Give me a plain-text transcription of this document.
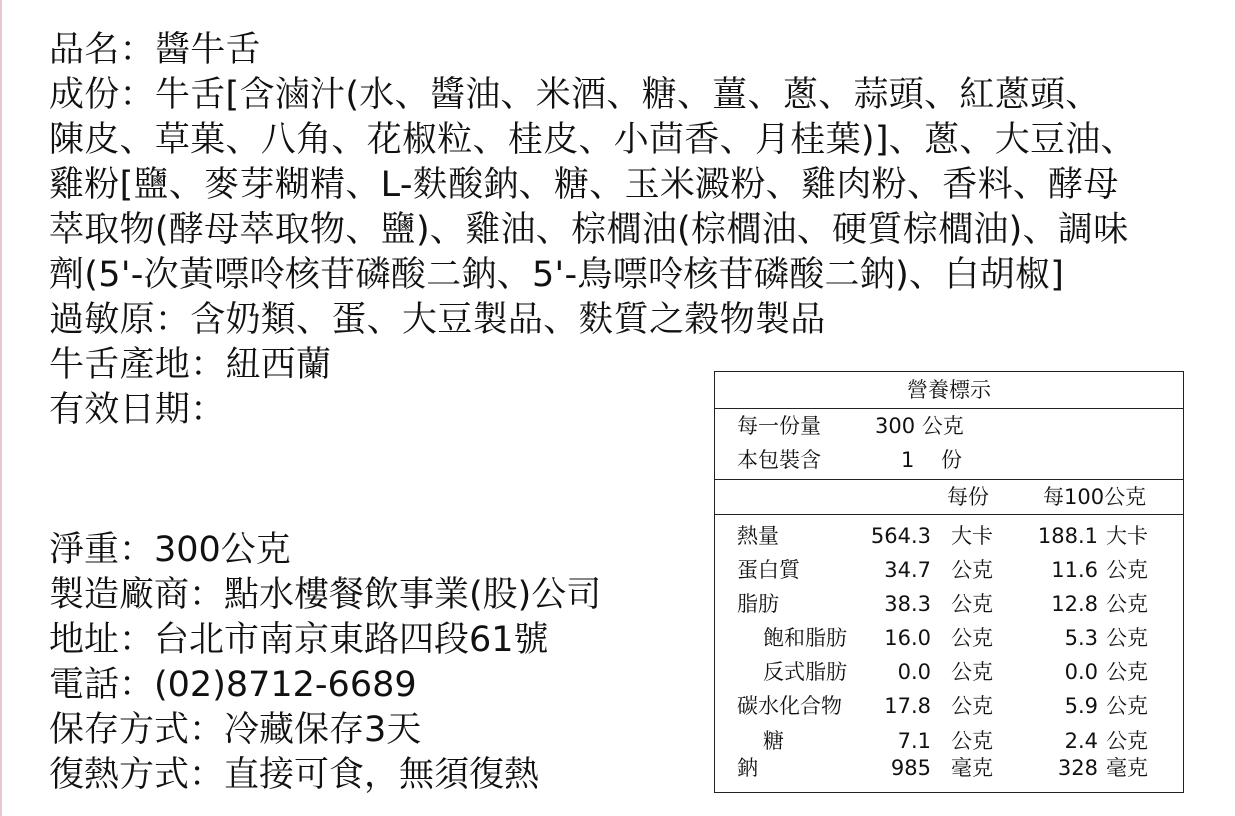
品名：醬牛舌
成份：牛舌[含滷汁(水、醬油、米酒、糖、薑、蔥、蒜頭、紅蔥頭、
陳皮、草菓、八角、花椒粒、桂皮、小茴香、月桂葉)]、蔥、大豆油、
雞粉[鹽、麥芽糊精、L-麩酸鈉、糖、玉米澱粉、雞肉粉、香料、酵母
萃取物(酵母萃取物、鹽)、雞油、棕櫚油(棕櫚油、硬質棕櫚油)、調味
劑(5'-次黃嘌呤核苷磷酸二鈉、5'-鳥嘌呤核苷磷酸二鈉)、白胡椒]
過敏原：含奶類、蛋、大豆製品、麩質之穀物製品
牛舌產地：紐西蘭
有效日期：
淨重：300公克
製造廠商：點水樓餐飲事業(股)公司
地址：台北市南京東路四段61號
電話：(02)8712-6689
保存方式：冷藏保存3天
復熱方式：直接可食，無須復熱
營養標示
每一份量	300 公克
本包裝含	1 份
每份	每100公克
熱量	564.3 大卡 188.1 大卡
蛋白質	34.7 公克	11.6 公克
脂肪	38.3 公克	12.8 公克
飽和脂肪 16.0 公克	5.3 公克
反式脂肪 0.0 公克	0.0 公克
碳水化合物 17.8 公克	5.9 公克
糖	7.1 公克	2.4 公克
鈉	985 毫克	328 毫克
